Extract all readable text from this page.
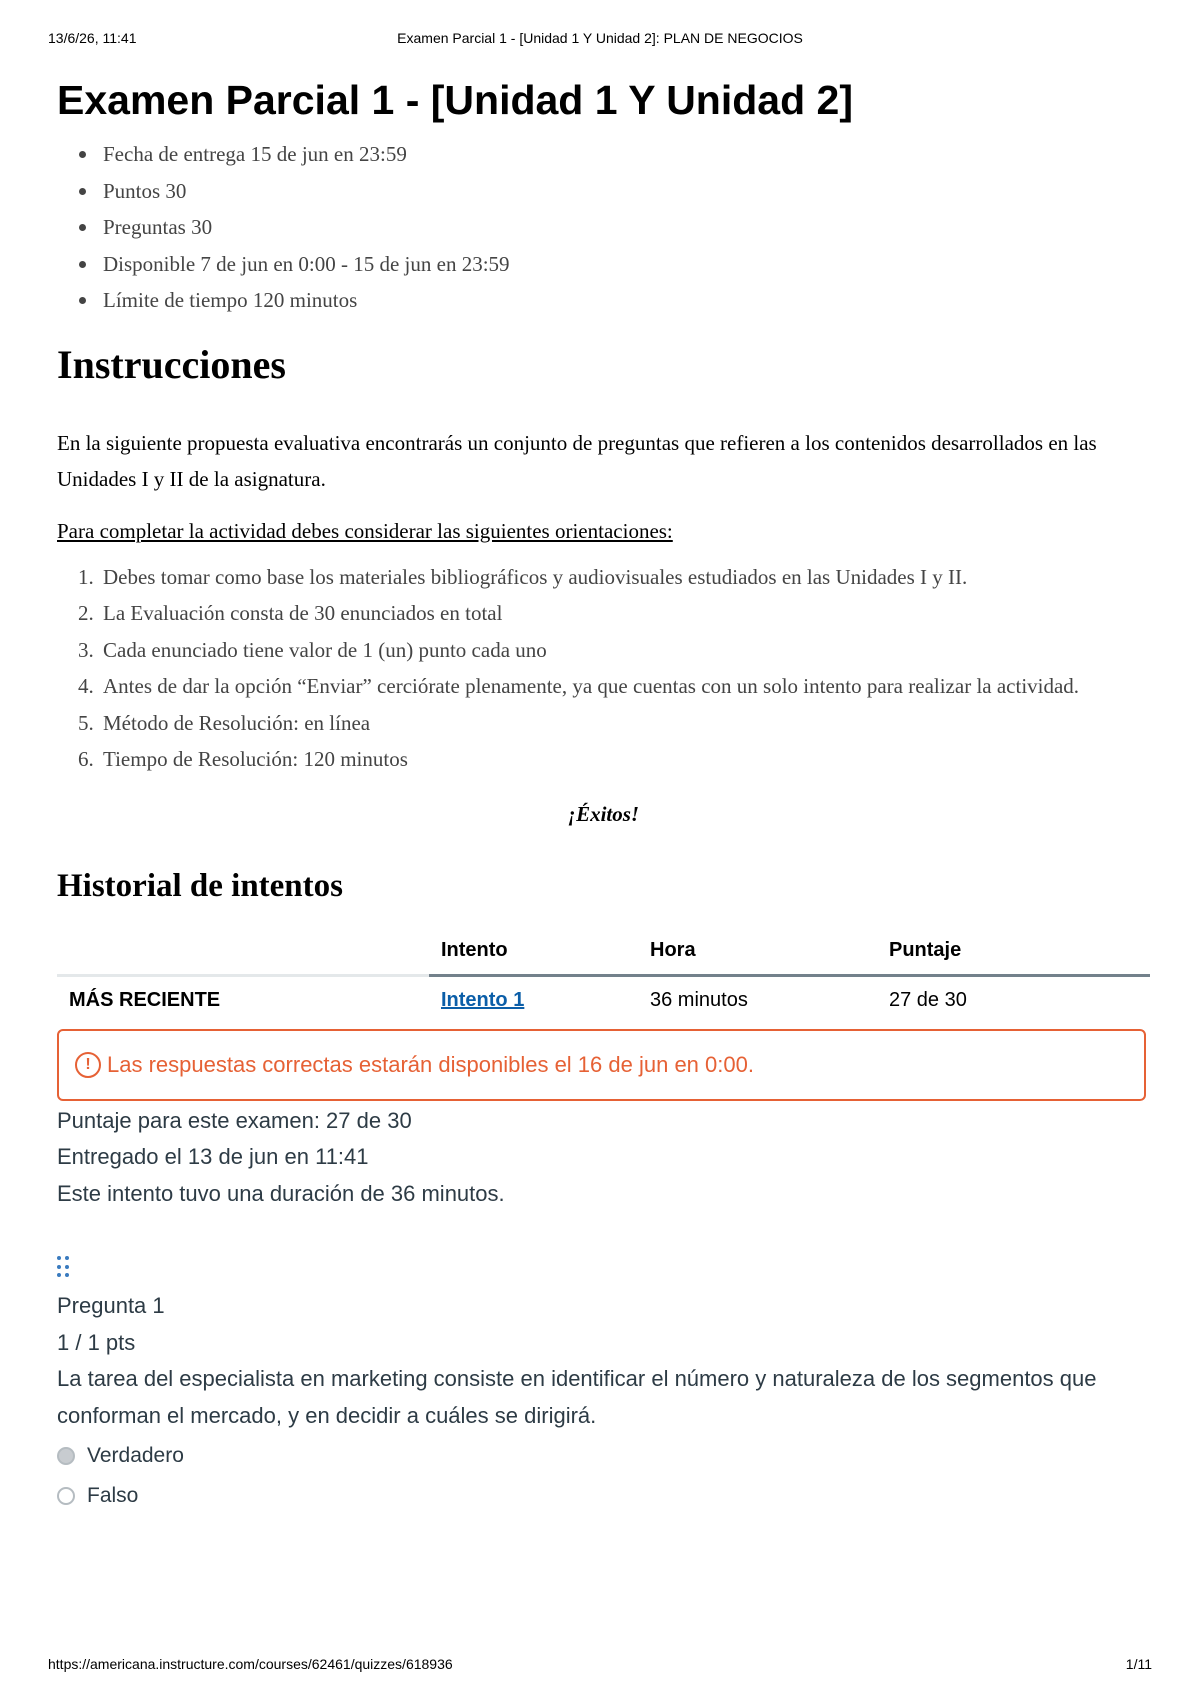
13/6/26, 11:41	Examen Parcial 1 - [Unidad 1 Y Unidad 2]: PLAN DE NEGOCIOS
Examen Parcial 1 - [Unidad 1 Y Unidad 2]
Fecha de entrega 15 de jun en 23:59
Puntos 30
Preguntas 30
Disponible 7 de jun en 0:00 - 15 de jun en 23:59
Límite de tiempo 120 minutos
Instrucciones

En la siguiente propuesta evaluativa encontrarás un conjunto de preguntas que refieren a los contenidos desarrollados en las Unidades I y II de la asignatura.

Para completar la actividad debes considerar las siguientes orientaciones:

1. Debes tomar como base los materiales bibliográficos y audiovisuales estudiados en las Unidades I y II.
2. La Evaluación consta de 30 enunciados en total
3. Cada enunciado tiene valor de 1 (un) punto cada uno
4. Antes de dar la opción “Enviar” cerciórate plenamente, ya que cuentas con un solo intento para realizar la actividad.
5. Método de Resolución: en línea
6. Tiempo de Resolución: 120 minutos

¡Éxitos!

Historial de intentos
	Intento	Hora	Puntaje
MÁS RECIENTE	Intento 1	36 minutos	27 de 30
! Las respuestas correctas estarán disponibles el 16 de jun en 0:00.
Puntaje para este examen: 27 de 30
Entregado el 13 de jun en 11:41
Este intento tuvo una duración de 36 minutos.
Pregunta 1
1 / 1 pts
La tarea del especialista en marketing consiste en identificar el número y naturaleza de los segmentos que conforman el mercado, y en decidir a cuáles se dirigirá.
Verdadero
Falso
https://americana.instructure.com/courses/62461/quizzes/618936	1/11
